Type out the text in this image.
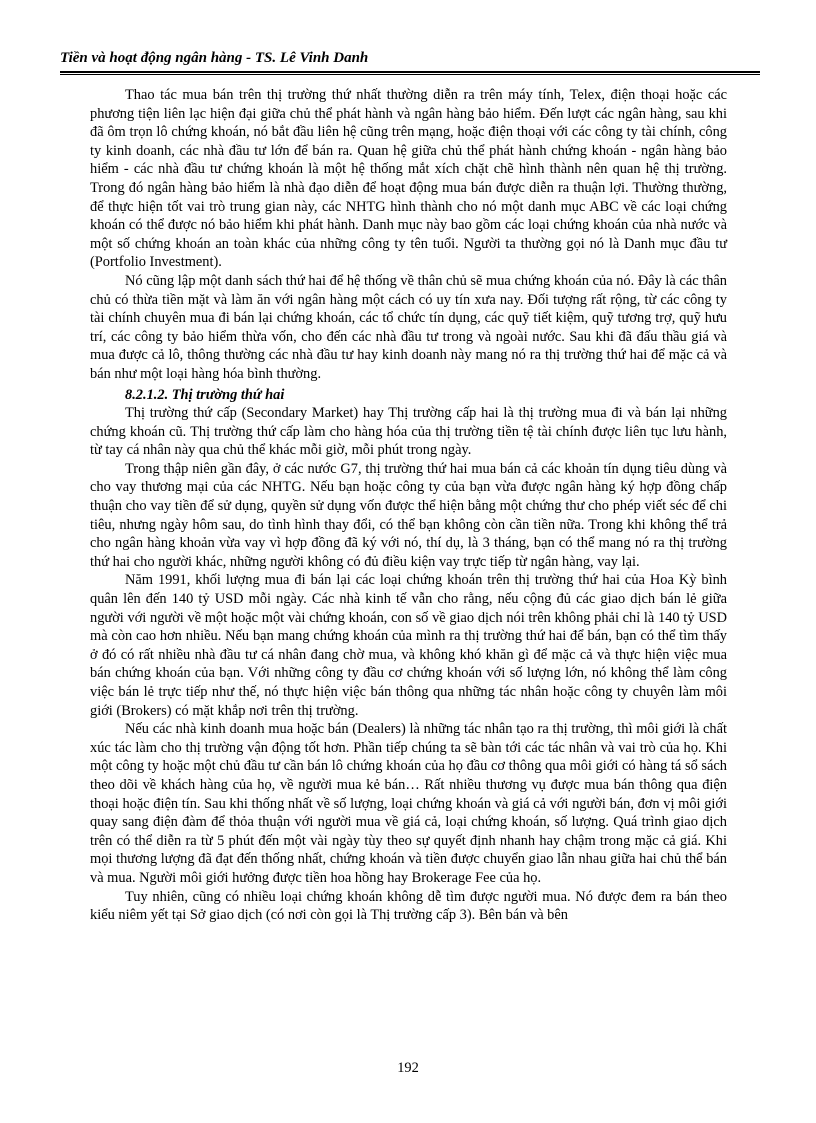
Tiền và hoạt động ngân hàng - TS. Lê Vinh Danh

Thao tác mua bán trên thị trường thứ nhất thường diễn ra trên máy tính, Telex, điện thoại hoặc các phương tiện liên lạc hiện đại giữa chủ thể phát hành và ngân hàng bảo hiểm. Đến lượt các ngân hàng, sau khi đã ôm trọn lô chứng khoán, nó bắt đầu liên hệ cũng trên mạng, hoặc điện thoại với các công ty tài chính, công ty kinh doanh, các nhà đầu tư lớn để bán ra. Quan hệ giữa chủ thể phát hành chứng khoán - ngân hàng bảo hiểm - các nhà đầu tư chứng khoán là một hệ thống mắt xích chặt chẽ hình thành nên quan hệ thị trường. Trong đó ngân hàng bảo hiểm là nhà đạo diễn để hoạt động mua bán được diễn ra thuận lợi. Thường thường, để thực hiện tốt vai trò trung gian này, các NHTG hình thành cho nó một danh mục ABC về các loại chứng khoán có thể được nó bảo hiểm khi phát hành. Danh mục này bao gồm các loại chứng khoán của nhà nước và một số chứng khoán an toàn khác của những công ty tên tuổi. Người ta thường gọi nó là Danh mục đầu tư (Portfolio Investment).

Nó cũng lập một danh sách thứ hai để hệ thống về thân chủ sẽ mua chứng khoán của nó. Đây là các thân chủ có thừa tiền mặt và làm ăn với ngân hàng một cách có uy tín xưa nay. Đối tượng rất rộng, từ các công ty tài chính chuyên mua đi bán lại chứng khoán, các tổ chức tín dụng, các quỹ tiết kiệm, quỹ tương trợ, quỹ hưu trí, các công ty bảo hiểm thừa vốn, cho đến các nhà đầu tư trong và ngoài nước. Sau khi đã đấu thầu giá và mua được cả lô, thông thường các nhà đầu tư hay kinh doanh này mang nó ra thị trường thứ hai để mặc cả và bán như một loại hàng hóa bình thường.

8.2.1.2. Thị trường thứ hai

Thị trường thứ cấp (Secondary Market) hay Thị trường cấp hai là thị trường mua đi và bán lại những chứng khoán cũ. Thị trường thứ cấp làm cho hàng hóa của thị trường tiền tệ tài chính được liên tục lưu hành, từ tay cá nhân này qua chủ thể khác mỗi giờ, mỗi phút trong ngày.

Trong thập niên gần đây, ở các nước G7, thị trường thứ hai mua bán cả các khoản tín dụng tiêu dùng và cho vay thương mại của các NHTG. Nếu bạn hoặc công ty của bạn vừa được ngân hàng ký hợp đồng chấp thuận cho vay tiền để sử dụng, quyền sử dụng vốn được thể hiện bằng một chứng thư cho phép viết séc để chi tiêu, nhưng ngày hôm sau, do tình hình thay đổi, có thể bạn không còn cần tiền nữa. Trong khi không thể trả cho ngân hàng khoản vừa vay vì hợp đồng đã ký với nó, thí dụ, là 3 tháng, bạn có thể mang nó ra thị trường thứ hai cho người khác, những người không có đủ điều kiện vay trực tiếp từ ngân hàng, vay lại.

Năm 1991, khối lượng mua đi bán lại các loại chứng khoán trên thị trường thứ hai của Hoa Kỳ bình quân lên đến 140 tỷ USD mỗi ngày. Các nhà kinh tế vẫn cho rằng, nếu cộng đủ các giao dịch bán lẻ giữa người với người về một hoặc một vài chứng khoán, con số về giao dịch nói trên không phải chỉ là 140 tỷ USD mà còn cao hơn nhiều. Nếu bạn mang chứng khoán của mình ra thị trường thứ hai để bán, bạn có thể tìm thấy ở đó có rất nhiều nhà đầu tư cá nhân đang chờ mua, và không khó khăn gì để mặc cả và thực hiện việc mua bán chứng khoán của bạn. Với những công ty đầu cơ chứng khoán với số lượng lớn, nó không thể làm công việc bán lẻ trực tiếp như thế, nó thực hiện việc bán thông qua những tác nhân hoặc công ty chuyên làm môi giới (Brokers) có mặt khắp nơi trên thị trường.

Nếu các nhà kinh doanh mua hoặc bán (Dealers) là những tác nhân tạo ra thị trường, thì môi giới là chất xúc tác làm cho thị trường vận động tốt hơn. Phần tiếp chúng ta sẽ bàn tới các tác nhân và vai trò của họ. Khi một công ty hoặc một chủ đầu tư cần bán lô chứng khoán của họ đầu cơ thông qua môi giới có hàng tá sổ sách theo dõi về khách hàng của họ, về người mua kẻ bán… Rất nhiều thương vụ được mua bán thông qua điện thoại hoặc điện tín. Sau khi thống nhất về số lượng, loại chứng khoán và giá cả với người bán, đơn vị môi giới quay sang điện đàm để thỏa thuận với người mua về giá cả, loại chứng khoán, số lượng. Quá trình giao dịch trên có thể diễn ra từ 5 phút đến một vài ngày tùy theo sự quyết định nhanh hay chậm trong mặc cả giá. Khi mọi thương lượng đã đạt đến thống nhất, chứng khoán và tiền được chuyển giao lẫn nhau giữa hai chủ thể bán và mua. Người môi giới hưởng được tiền hoa hồng hay Brokerage Fee của họ.

Tuy nhiên, cũng có nhiều loại chứng khoán không dễ tìm được người mua. Nó được đem ra bán theo kiểu niêm yết tại Sở giao dịch (có nơi còn gọi là Thị trường cấp 3). Bên bán và bên

192
